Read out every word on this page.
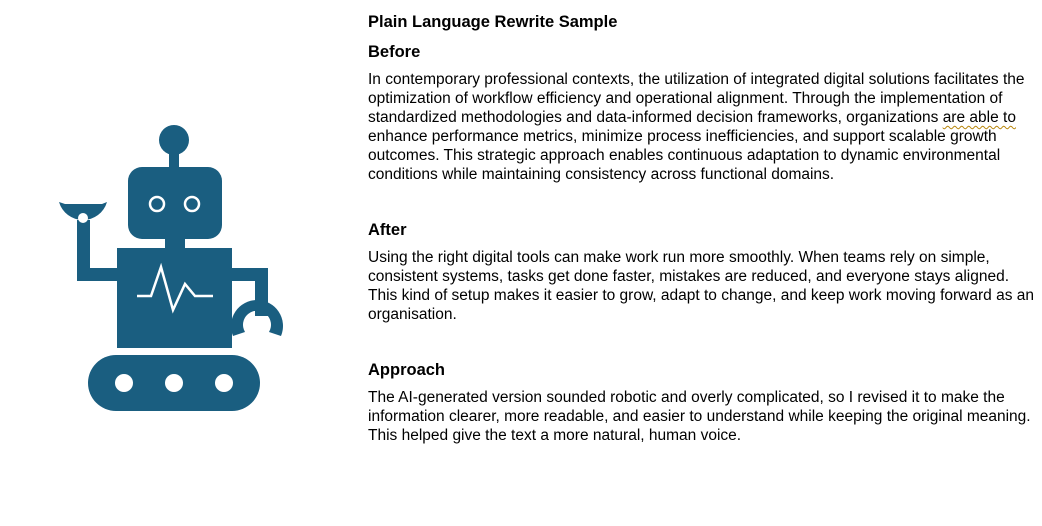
Plain Language Rewrite Sample
Before

In contemporary professional contexts, the utilization of integrated digital solutions facilitates the optimization of workflow efficiency and operational alignment. Through the implementation of standardized methodologies and data-informed decision frameworks, organizations are able to enhance performance metrics, minimize process inefficiencies, and support scalable growth outcomes. This strategic approach enables continuous adaptation to dynamic environmental conditions while maintaining consistency across functional domains.

After

Using the right digital tools can make work run more smoothly. When teams rely on simple, consistent systems, tasks get done faster, mistakes are reduced, and everyone stays aligned. This kind of setup makes it easier to grow, adapt to change, and keep work moving forward as an organisation.

Approach

The AI-generated version sounded robotic and overly complicated, so I revised it to make the information clearer, more readable, and easier to understand while keeping the original meaning. This helped give the text a more natural, human voice.
